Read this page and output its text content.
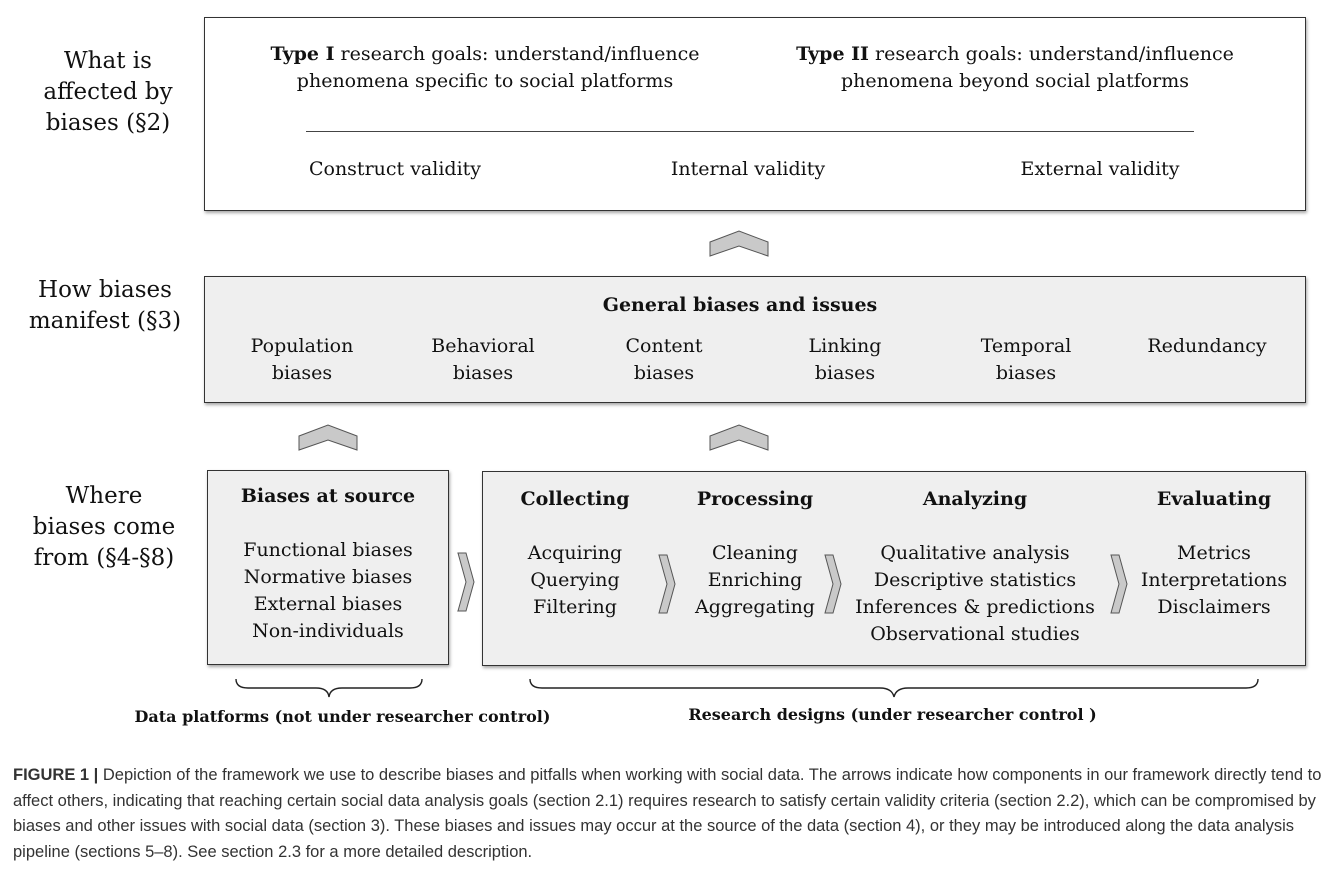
What is
affected by
biases (§2)
How biases
manifest (§3)
Where
biases come
from (§4-§8)
Type I research goals: understand/influence
phenomena specific to social platforms
Type II research goals: understand/influence
phenomena beyond social platforms
Construct validity	Internal validity	External validity
General biases and issues
Population
biases
Behavioral
biases
Content
biases
Linking
biases
Temporal
biases
Redundancy
Biases at source
Functional biases
Normative biases
External biases
Non-individuals
Collecting
Acquiring
Querying
Filtering
Processing
Cleaning
Enriching
Aggregating
Analyzing
Qualitative analysis
Descriptive statistics
Inferences & predictions
Observational studies
Evaluating
Metrics
Interpretations
Disclaimers
Data platforms (not under researcher control)	Research designs (under researcher control )
FIGURE 1 | Depiction of the framework we use to describe biases and pitfalls when working with social data. The arrows indicate how components in our framework directly tend to affect others, indicating that reaching certain social data analysis goals (section 2.1) requires research to satisfy certain validity criteria (section 2.2), which can be compromised by biases and other issues with social data (section 3). These biases and issues may occur at the source of the data (section 4), or they may be introduced along the data analysis pipeline (sections 5–8). See section 2.3 for a more detailed description.
